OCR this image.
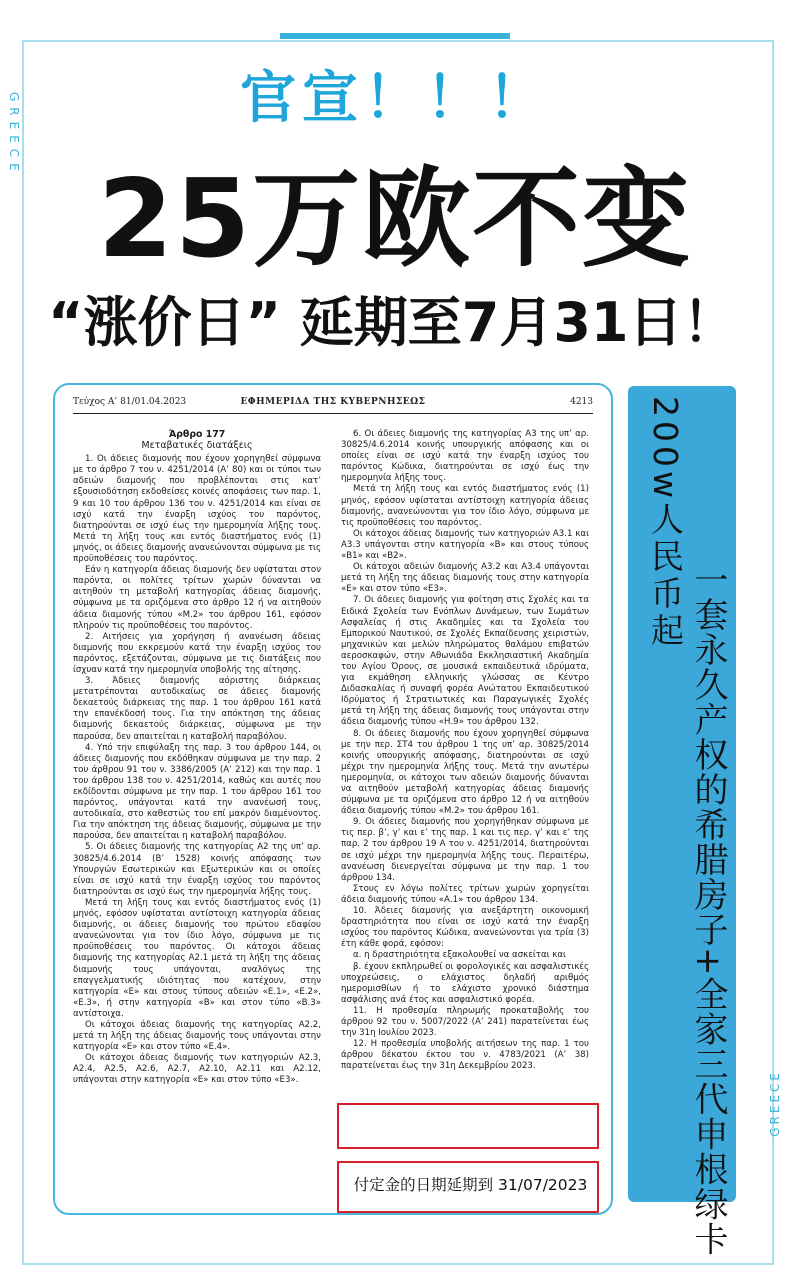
GREECE
GREECE
官宣！！！
25万欧不变
“涨价日” 延期至7月31日！
Τεύχος Α’ 81/01.04.2023	ΕΦΗΜΕΡΙΔΑ ΤΗΣ ΚΥΒΕΡΝΗΣΕΩΣ	4213

Άρθρο 177

Μεταβατικές διατάξεις

1. Οι άδειες διαμονής που έχουν χορηγηθεί σύμφωνα με το άρθρο 7 του ν. 4251/2014 (Α’ 80) και οι τύποι των αδειών διαμονής που προβλέπονται στις κατ’ εξουσιοδότηση εκδοθείσες κοινές αποφάσεις των παρ. 1, 9 και 10 του άρθρου 136 του ν. 4251/2014 και είναι σε ισχύ κατά την έναρξη ισχύος του παρόντος, διατηρούνται σε ισχύ έως την ημερομηνία λήξης τους. Μετά τη λήξη τους και εντός διαστήματος ενός (1) μηνός, οι άδειες διαμονής ανανεώνονται σύμφωνα με τις προϋποθέσεις του παρόντος.

Εάν η κατηγορία άδειας διαμονής δεν υφίσταται στον παρόντα, οι πολίτες τρίτων χωρών δύνανται να αιτηθούν τη μεταβολή κατηγορίας άδειας διαμονής, σύμφωνα με τα οριζόμενα στο άρθρο 12 ή να αιτηθούν άδεια διαμονής τύπου «Μ.2» του άρθρου 161, εφόσον πληρούν τις προϋποθέσεις του παρόντος.

2. Αιτήσεις για χορήγηση ή ανανέωση άδειας διαμονής που εκκρεμούν κατά την έναρξη ισχύος του παρόντος, εξετάζονται, σύμφωνα με τις διατάξεις που ίσχυαν κατά την ημερομηνία υποβολής της αίτησης.

3. Άδειες διαμονής αόριστης διάρκειας μετατρέπονται αυτοδικαίως σε άδειες διαμονής δεκαετούς διάρκειας της παρ. 1 του άρθρου 161 κατά την επανέκδοσή τους. Για την απόκτηση της άδειας διαμονής δεκαετούς διάρκειας, σύμφωνα με την παρούσα, δεν απαιτείται η καταβολή παραβόλου.

4. Υπό την επιφύλαξη της παρ. 3 του άρθρου 144, οι άδειες διαμονής που εκδόθηκαν σύμφωνα με την παρ. 2 του άρθρου 91 του ν. 3386/2005 (Α’ 212) και την παρ. 1 του άρθρου 138 του ν. 4251/2014, καθώς και αυτές που εκδίδονται σύμφωνα με την παρ. 1 του άρθρου 161 του παρόντος, υπάγονται κατά την ανανέωσή τους, αυτοδικαία, στο καθεστώς του επί μακρόν διαμένοντος. Για την απόκτηση της άδειας διαμονής, σύμφωνα με την παρούσα, δεν απαιτείται η καταβολή παραβόλου.

5. Οι άδειες διαμονής της κατηγορίας Α2 της υπ’ αρ. 30825/4.6.2014 (Β’ 1528) κοινής απόφασης των Υπουργών Εσωτερικών και Εξωτερικών και οι οποίες είναι σε ισχύ κατά την έναρξη ισχύος του παρόντος διατηρούνται σε ισχύ έως την ημερομηνία λήξης τους.

Μετά τη λήξη τους και εντός διαστήματος ενός (1) μηνός, εφόσον υφίσταται αντίστοιχη κατηγορία άδειας διαμονής, οι άδειες διαμονής του πρώτου εδαφίου ανανεώνονται για τον ίδιο λόγο, σύμφωνα με τις προϋποθέσεις του παρόντος. Οι κάτοχοι άδειας διαμονής της κατηγορίας Α2.1 μετά τη λήξη της άδειας διαμονής τους υπάγονται, αναλόγως της επαγγελματικής ιδιότητας που κατέχουν, στην κατηγορία «Ε» και στους τύπους αδειών «Ε.1», «Ε.2», «Ε.3», ή στην κατηγορία «Β» και στον τύπο «Β.3» αντίστοιχα.

Οι κάτοχοι άδειας διαμονής της κατηγορίας Α2.2, μετά τη λήξη της άδειας διαμονής τους υπάγονται στην κατηγορία «Ε» και στον τύπο «Ε.4».

Οι κάτοχοι άδειας διαμονής των κατηγοριών Α2.3, Α2.4, Α2.5, Α2.6, Α2.7, Α2.10, Α2.11 και Α2.12, υπάγονται στην κατηγορία «Ε» και στον τύπο «Ε3».

6. Οι άδειες διαμονής της κατηγορίας Α3 της υπ’ αρ. 30825/4.6.2014 κοινής υπουργικής απόφασης και οι οποίες είναι σε ισχύ κατά την έναρξη ισχύος του παρόντος Κώδικα, διατηρούνται σε ισχύ έως την ημερομηνία λήξης τους.

Μετά τη λήξη τους και εντός διαστήματος ενός (1) μηνός, εφόσον υφίσταται αντίστοιχη κατηγορία άδειας διαμονής, ανανεώνονται για τον ίδιο λόγο, σύμφωνα με τις προϋποθέσεις του παρόντος.

Οι κάτοχοι άδειας διαμονής των κατηγοριών Α3.1 και Α3.3 υπάγονται στην κατηγορία «Β» και στους τύπους «Β1» και «Β2».

Οι κάτοχοι αδειών διαμονής Α3.2 και Α3.4 υπάγονται μετά τη λήξη της άδειας διαμονής τους στην κατηγορία «Ε» και στον τύπο «Ε3».

7. Οι άδειες διαμονής για φοίτηση στις Σχολές και τα Ειδικά Σχολεία των Ενόπλων Δυνάμεων, των Σωμάτων Ασφαλείας ή στις Ακαδημίες και τα Σχολεία του Εμπορικού Ναυτικού, σε Σχολές Εκπαίδευσης χειριστών, μηχανικών και μελών πληρώματος θαλάμου επιβατών αεροσκαφών, στην Αθωνιάδα Εκκλησιαστική Ακαδημία του Αγίου Όρους, σε μουσικά εκπαιδευτικά ιδρύματα, για εκμάθηση ελληνικής γλώσσας σε Κέντρο Διδασκαλίας ή συναφή φορέα Ανώτατου Εκπαιδευτικού Ιδρύματος ή Στρατιωτικές και Παραγωγικές Σχολές μετά τη λήξη της άδειας διαμονής τους υπάγονται στην άδεια διαμονής τύπου «Η.9» του άρθρου 132.

8. Οι άδειες διαμονής που έχουν χορηγηθεί σύμφωνα με την περ. ΣΤ4 του άρθρου 1 της υπ’ αρ. 30825/2014 κοινής υπουργικής απόφασης, διατηρούνται σε ισχύ μέχρι την ημερομηνία λήξης τους. Μετά την ανωτέρω ημερομηνία, οι κάτοχοι των αδειών διαμονής δύνανται να αιτηθούν μεταβολή κατηγορίας άδειας διαμονής σύμφωνα με τα οριζόμενα στο άρθρο 12 ή να αιτηθούν άδεια διαμονής τύπου «Μ.2» του άρθρου 161.

9. Οι άδειες διαμονής που χορηγήθηκαν σύμφωνα με τις περ. β’, γ’ και ε’ της παρ. 1 και τις περ. γ’ και ε’ της παρ. 2 του άρθρου 19 Α του ν. 4251/2014, διατηρούνται σε ισχύ μέχρι την ημερομηνία λήξης τους. Περαιτέρω, ανανέωση διενεργείται σύμφωνα με την παρ. 1 του άρθρου 134.

Στους εν λόγω πολίτες τρίτων χωρών χορηγείται άδεια διαμονής τύπου «Α.1» του άρθρου 134.

10. Άδειες διαμονής για ανεξάρτητη οικονομική δραστηριότητα που είναι σε ισχύ κατά την έναρξη ισχύος του παρόντος Κώδικα, ανανεώνονται για τρία (3) έτη κάθε φορά, εφόσον:

α. η δραστηριότητα εξακολουθεί να ασκείται και

β. έχουν εκπληρωθεί οι φορολογικές και ασφαλιστικές υποχρεώσεις, ο ελάχιστος δηλαδή αριθμός ημερομισθίων ή το ελάχιστο χρονικό διάστημα ασφάλισης ανά έτος και ασφαλιστικό φορέα.

11. Η προθεσμία πληρωμής προκαταβολής του άρθρου 92 του ν. 5007/2022 (Α’ 241) παρατείνεται έως την 31η Ιουλίου 2023.

12. Η προθεσμία υποβολής αιτήσεων της παρ. 1 του άρθρου δέκατου έκτου του ν. 4783/2021 (Α’ 38) παρατείνεται έως την 31η Δεκεμβρίου 2023.

付定金的日期延期到 31/07/2023
200w人民币起
一套永久产权的希腊房子+全家三代申根绿卡
